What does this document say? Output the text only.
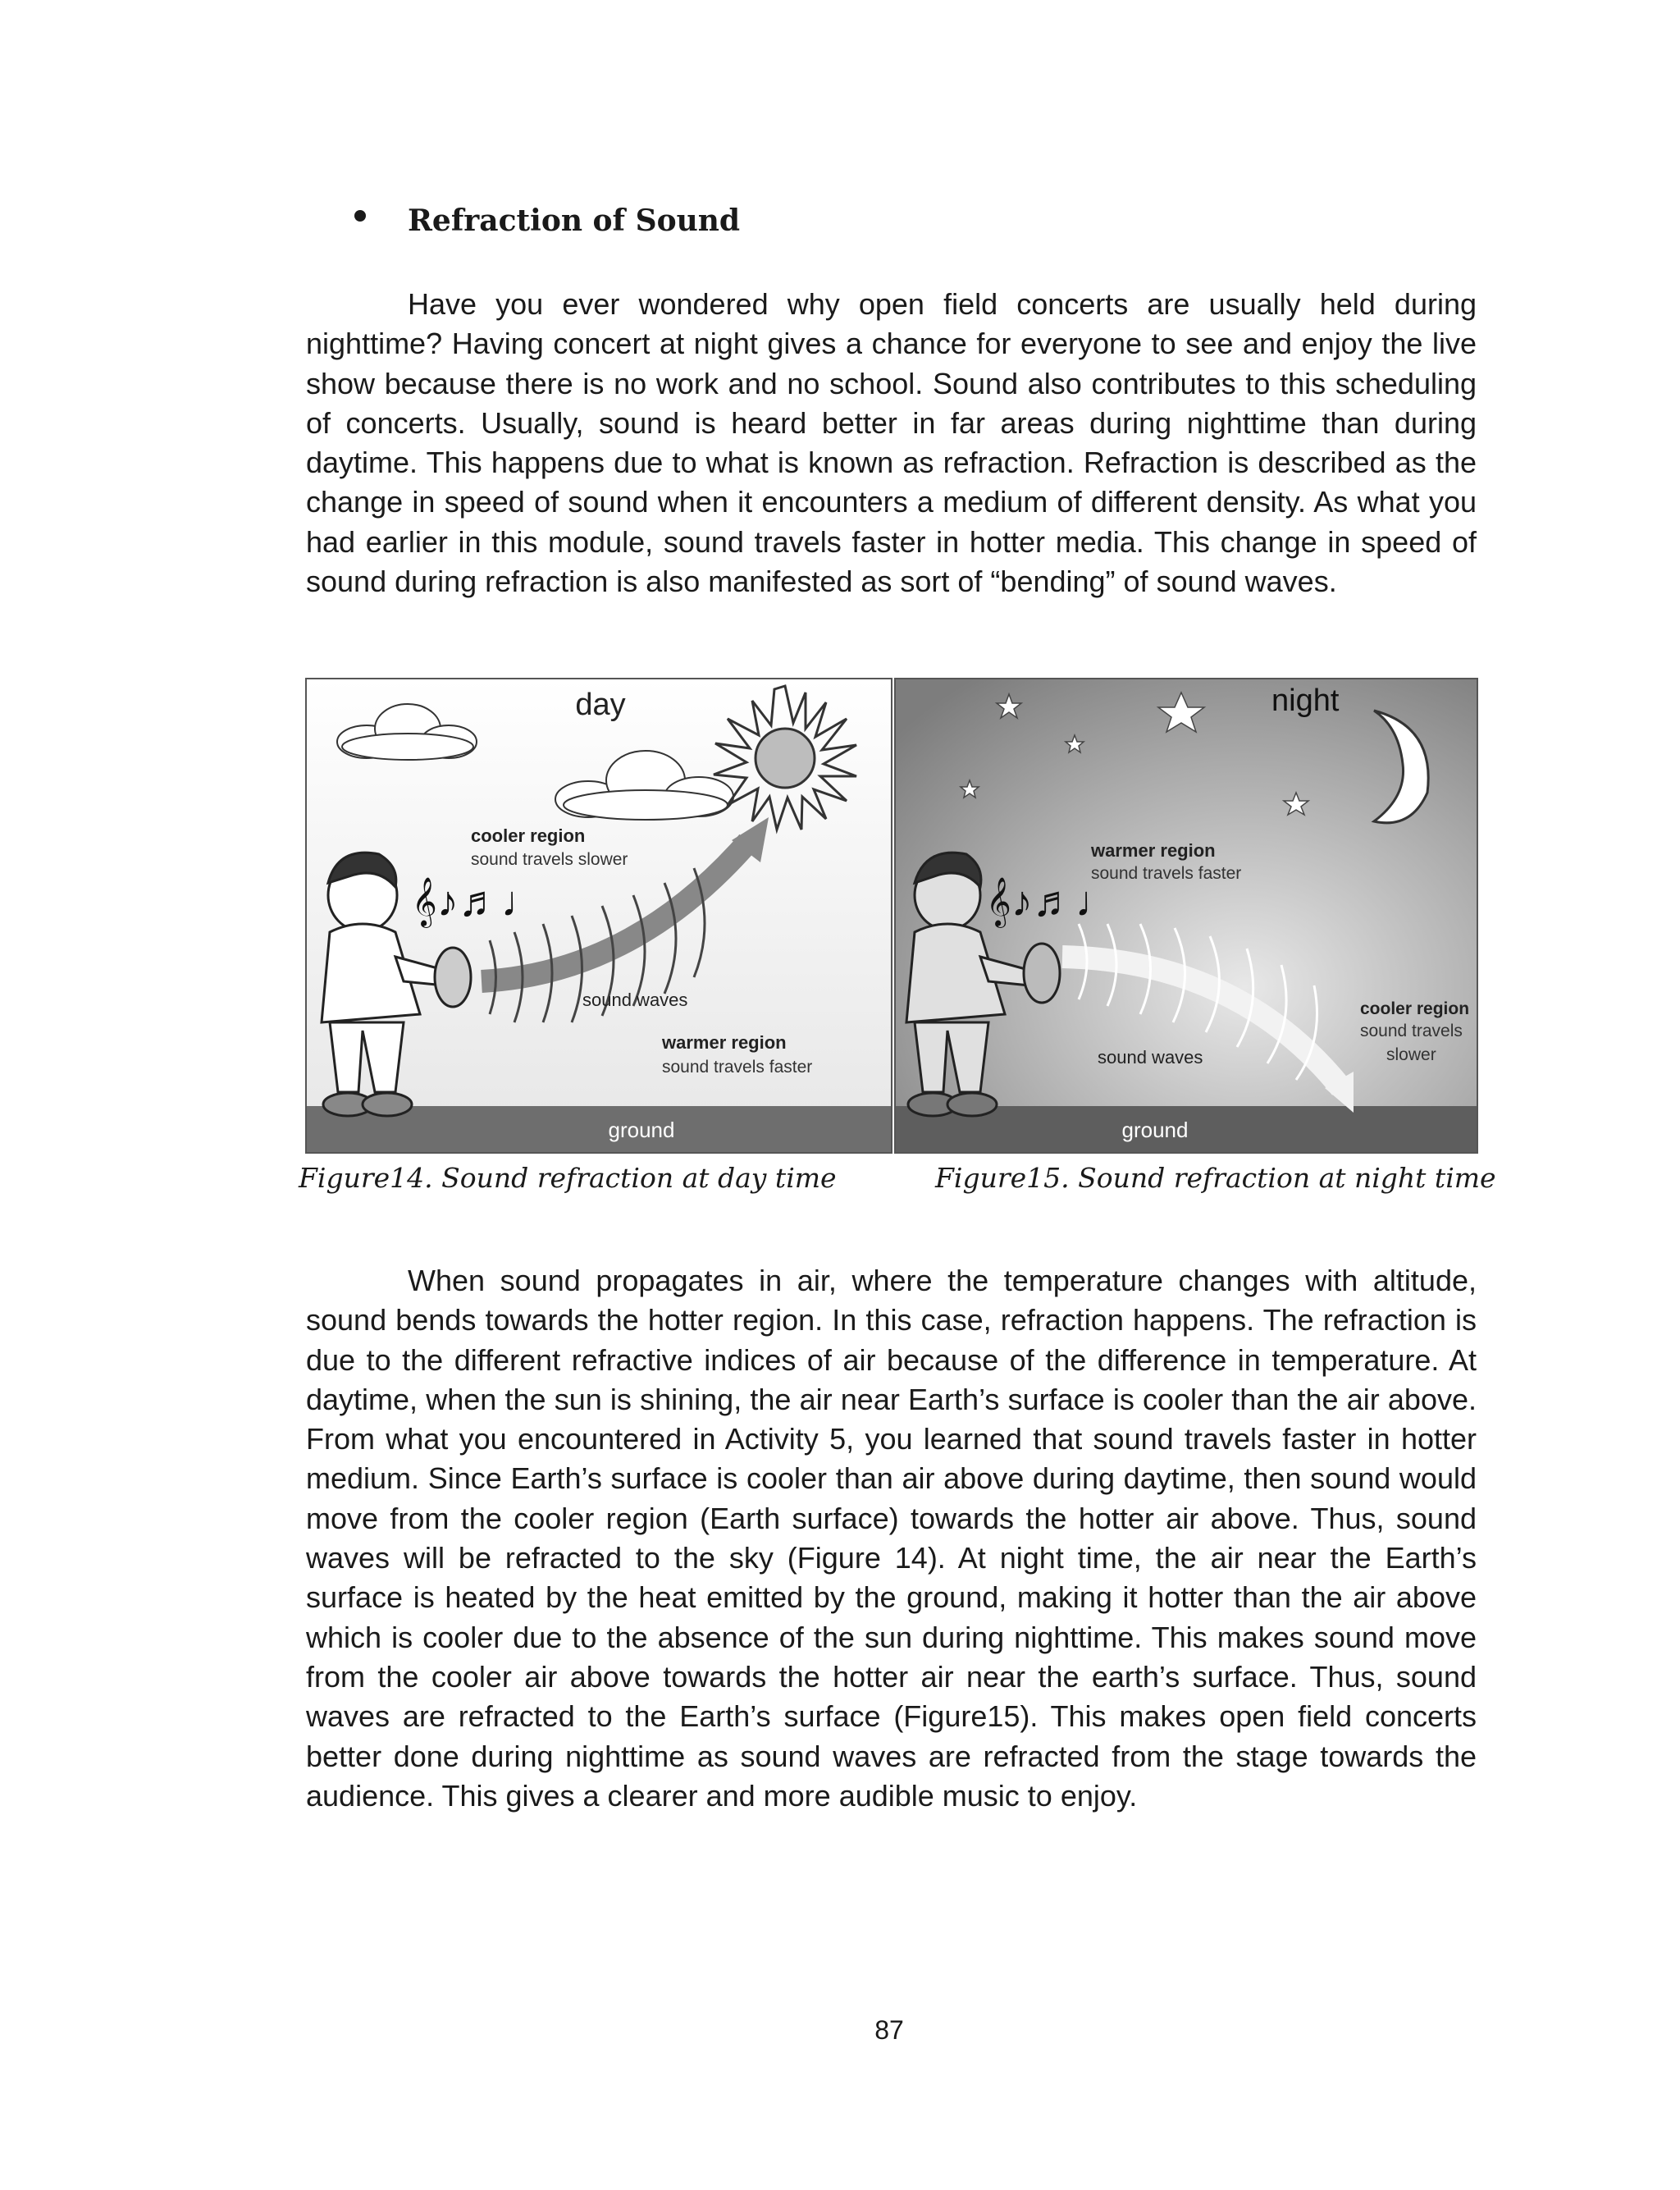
Refraction of Sound

Have you ever wondered why open field concerts are usually held during nighttime? Having concert at night gives a chance for everyone to see and enjoy the live show because there is no work and no school. Sound also contributes to this scheduling of concerts. Usually, sound is heard better in far areas during nighttime than during daytime. This happens due to what is known as refraction. Refraction is described as the change in speed of sound when it encounters a medium of different density. As what you had earlier in this module, sound travels faster in hotter media. This change in speed of sound during refraction is also manifested as sort of “bending” of sound waves.

day
cooler region
sound travels slower
𝄞♪♬♩
sound waves
warmer region
sound travels faster
ground
night
warmer region
sound travels faster
𝄞♪♬♩
cooler region
sound travels
slower
sound waves
ground
Figure14. Sound refraction at day time	Figure15. Sound refraction at night time

When sound propagates in air, where the temperature changes with altitude, sound bends towards the hotter region. In this case, refraction happens. The refraction is due to the different refractive indices of air because of the difference in temperature. At daytime, when the sun is shining, the air near Earth’s surface is cooler than the air above. From what you encountered in Activity 5, you learned that sound travels faster in hotter medium. Since Earth’s surface is cooler than air above during daytime, then sound would move from the cooler region (Earth surface) towards the hotter air above. Thus, sound waves will be refracted to the sky (Figure 14). At night time, the air near the Earth’s surface is heated by the heat emitted by the ground, making it hotter than the air above which is cooler due to the absence of the sun during nighttime. This makes sound move from the cooler air above towards the hotter air near the earth’s surface. Thus, sound waves are refracted to the Earth’s surface (Figure15). This makes open field concerts better done during nighttime as sound waves are refracted from the stage towards the audience. This gives a clearer and more audible music to enjoy.

87
